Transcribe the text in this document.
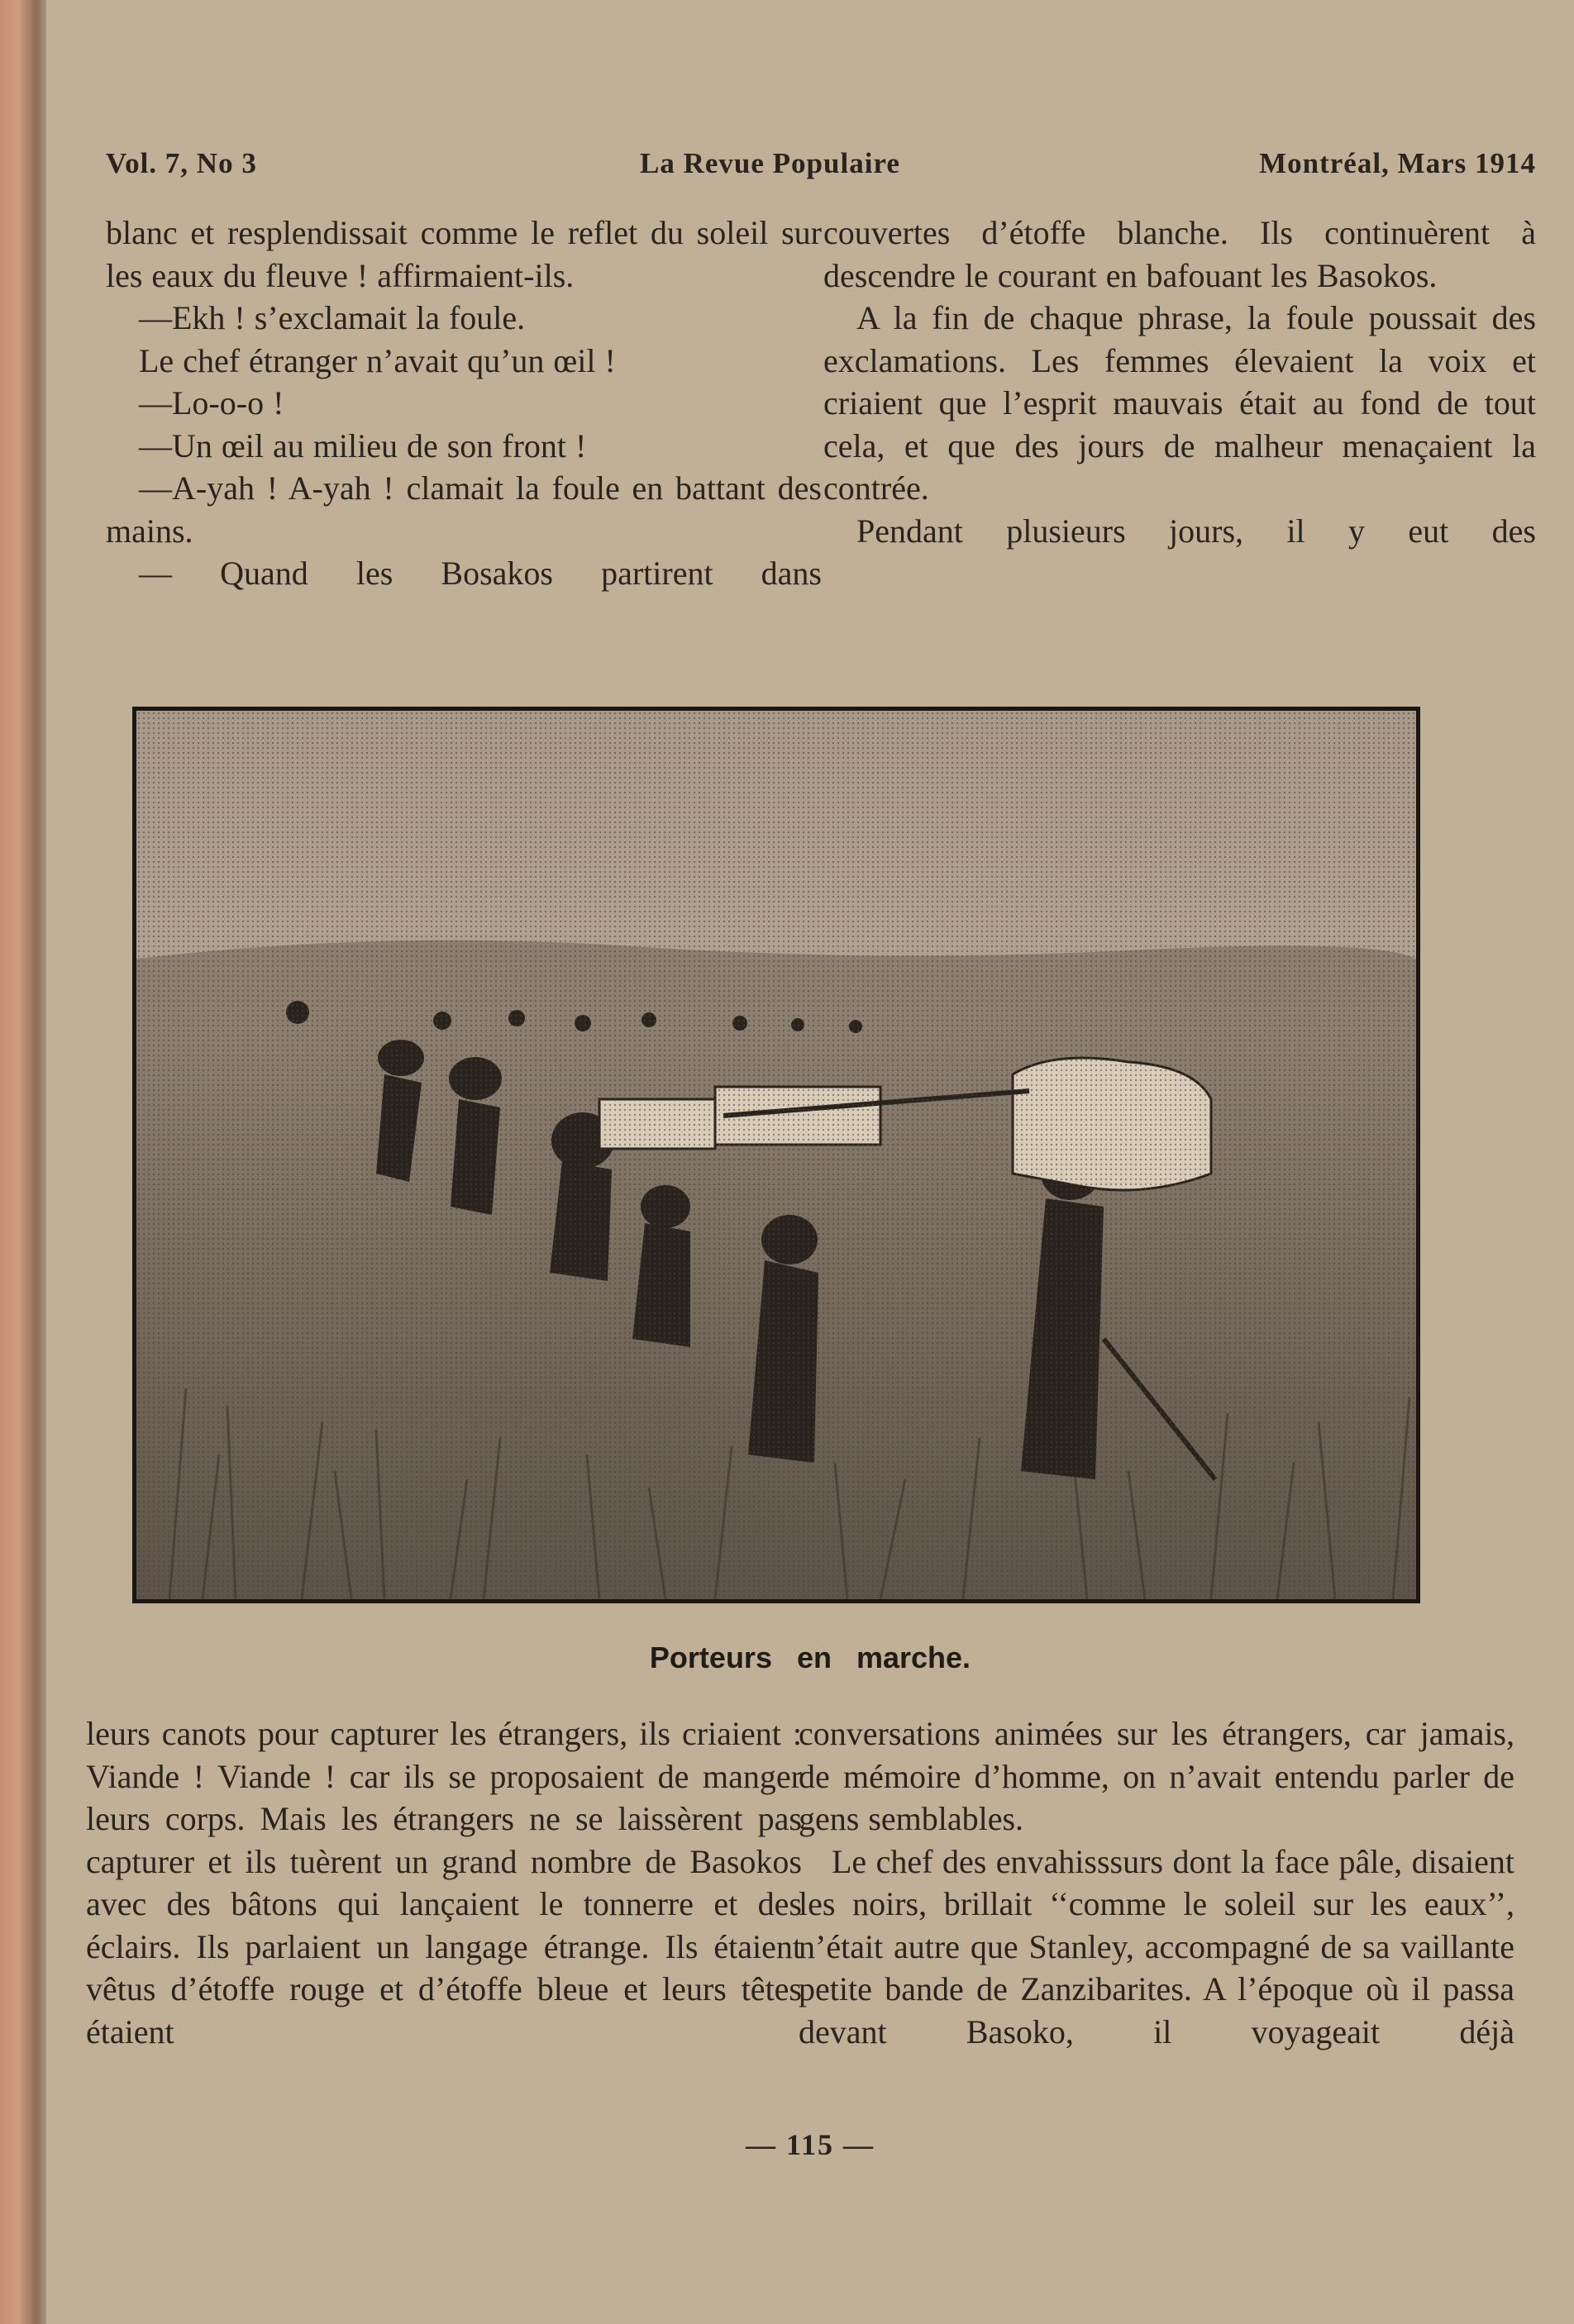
Vol. 7, No 3	La Revue Populaire	Montréal, Mars 1914

blanc et resplendissait comme le reflet du soleil sur les eaux du fleuve ! affirmaient-ils.

—Ekh ! s’exclamait la foule.

Le chef étranger n’avait qu’un œil !

—Lo-o-o !

—Un œil au milieu de son front !

—A-yah ! A-yah ! clamait la foule en battant des mains.

— Quand les Bosakos partirent dans

couvertes d’étoffe blanche. Ils continuèrent à descendre le courant en bafouant les Basokos.

A la fin de chaque phrase, la foule poussait des exclamations. Les femmes élevaient la voix et criaient que l’esprit mauvais était au fond de tout cela, et que des jours de malheur menaçaient la contrée.

Pendant plusieurs jours, il y eut des

Porteurs en marche.

leurs canots pour capturer les étrangers, ils criaient : Viande ! Viande ! car ils se proposaient de manger leurs corps. Mais les étrangers ne se laissèrent pas capturer et ils tuèrent un grand nombre de Basokos avec des bâtons qui lançaient le tonnerre et des éclairs. Ils parlaient un langage étrange. Ils étaient vêtus d’étoffe rouge et d’étoffe bleue et leurs têtes étaient

conversations animées sur les étrangers, car jamais, de mémoire d’homme, on n’avait entendu parler de gens semblables.

Le chef des envahisssurs dont la face pâle, disaient les noirs, brillait ‘‘comme le soleil sur les eaux’’, n’était autre que Stanley, accompagné de sa vaillante petite bande de Zanzibarites. A l’époque où il passa devant Basoko, il voyageait déjà

— 115 —
